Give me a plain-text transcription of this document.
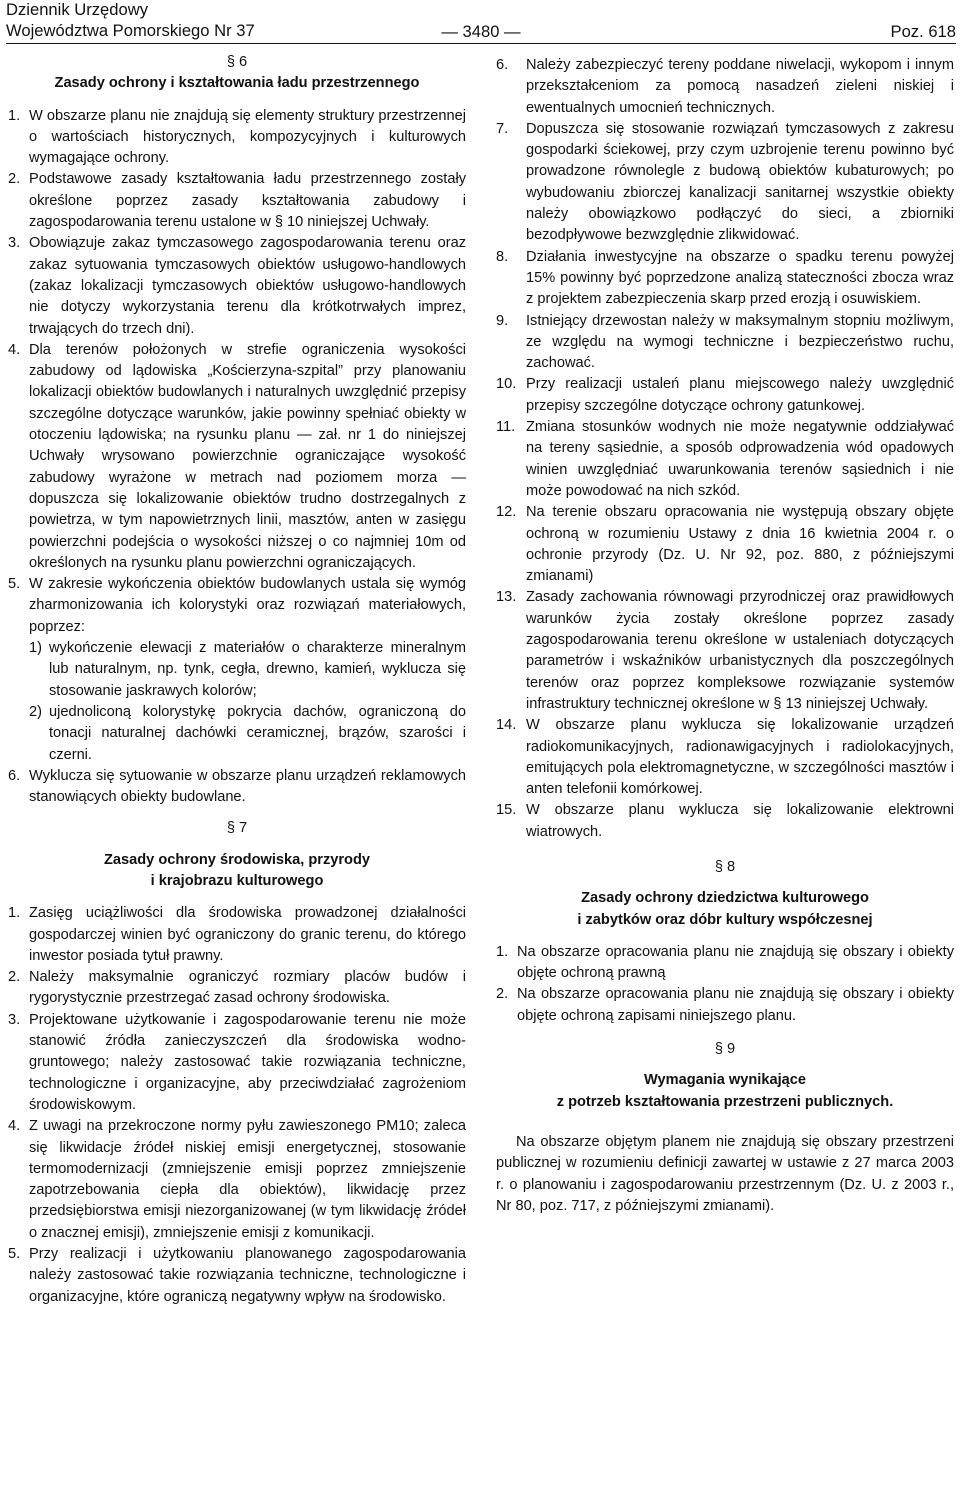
Dziennik Urzędowy
Województwa Pomorskiego Nr 37	— 3480 —	Poz. 618

§ 6

Zasady ochrony i kształtowania ładu przestrzennego

1. W obszarze planu nie znajdują się elementy struktury przestrzennej o wartościach historycznych, kompozycyjnych i kulturowych wymagające ochrony.

2. Podstawowe zasady kształtowania ładu przestrzennego zostały określone poprzez zasady kształtowania zabudowy i zagospodarowania terenu ustalone w § 10 niniejszej Uchwały.

3. Obowiązuje zakaz tymczasowego zagospodarowania terenu oraz zakaz sytuowania tymczasowych obiektów usługowo-handlowych (zakaz lokalizacji tymczasowych obiektów usługowo-handlowych nie dotyczy wykorzystania terenu dla krótkotrwałych imprez, trwających do trzech dni).

4. Dla terenów położonych w strefie ograniczenia wysokości zabudowy od lądowiska „Kościerzyna-szpital” przy planowaniu lokalizacji obiektów budowlanych i naturalnych uwzględnić przepisy szczególne dotyczące warunków, jakie powinny spełniać obiekty w otoczeniu lądowiska; na rysunku planu — zał. nr 1 do niniejszej Uchwały wrysowano powierzchnie ograniczające wysokość zabudowy wyrażone w metrach nad poziomem morza — dopuszcza się lokalizowanie obiektów trudno dostrzegalnych z powietrza, w tym napowietrznych linii, masztów, anten w zasięgu powierzchni podejścia o wysokości niższej o co najmniej 10m od określonych na rysunku planu powierzchni ograniczających.

5. W zakresie wykończenia obiektów budowlanych ustala się wymóg zharmonizowania ich kolorystyki oraz rozwiązań materiałowych, poprzez:

1) wykończenie elewacji z materiałów o charakterze mineralnym lub naturalnym, np. tynk, cegła, drewno, kamień, wyklucza się stosowanie jaskrawych kolorów;

2) ujednoliconą kolorystykę pokrycia dachów, ograniczoną do tonacji naturalnej dachówki ceramicznej, brązów, szarości i czerni.

6. Wyklucza się sytuowanie w obszarze planu urządzeń reklamowych stanowiących obiekty budowlane.

§ 7

Zasady ochrony środowiska, przyrody

i krajobrazu kulturowego

1. Zasięg uciążliwości dla środowiska prowadzonej działalności gospodarczej winien być ograniczony do granic terenu, do którego inwestor posiada tytuł prawny.

2. Należy maksymalnie ograniczyć rozmiary placów budów i rygorystycznie przestrzegać zasad ochrony środowiska.

3. Projektowane użytkowanie i zagospodarowanie terenu nie może stanowić źródła zanieczyszczeń dla środowiska wodno-gruntowego; należy zastosować takie rozwiązania techniczne, technologiczne i organizacyjne, aby przeciwdziałać zagrożeniom środowiskowym.

4. Z uwagi na przekroczone normy pyłu zawieszonego PM10; zaleca się likwidacje źródeł niskiej emisji energetycznej, stosowanie termomodernizacji (zmniejszenie emisji poprzez zmniejszenie zapotrzebowania ciepła dla obiektów), likwidację przez przedsiębiorstwa emisji niezorganizowanej (w tym likwidację źródeł o znacznej emisji), zmniejszenie emisji z komunikacji.

5. Przy realizacji i użytkowaniu planowanego zagospodarowania należy zastosować takie rozwiązania techniczne, technologiczne i organizacyjne, które ograniczą negatywny wpływ na środowisko.

6. Należy zabezpieczyć tereny poddane niwelacji, wykopom i innym przekształceniom za pomocą nasadzeń zieleni niskiej i ewentualnych umocnień technicznych.

7. Dopuszcza się stosowanie rozwiązań tymczasowych z zakresu gospodarki ściekowej, przy czym uzbrojenie terenu powinno być prowadzone równolegle z budową obiektów kubaturowych; po wybudowaniu zbiorczej kanalizacji sanitarnej wszystkie obiekty należy obowiązkowo podłączyć do sieci, a zbiorniki bezodpływowe bezwzględnie zlikwidować.

8. Działania inwestycyjne na obszarze o spadku terenu powyżej 15% powinny być poprzedzone analizą stateczności zbocza wraz z projektem zabezpieczenia skarp przed erozją i osuwiskiem.

9. Istniejący drzewostan należy w maksymalnym stopniu możliwym, ze względu na wymogi techniczne i bezpieczeństwo ruchu, zachować.

10. Przy realizacji ustaleń planu miejscowego należy uwzględnić przepisy szczególne dotyczące ochrony gatunkowej.

11. Zmiana stosunków wodnych nie może negatywnie oddziaływać na tereny sąsiednie, a sposób odprowadzenia wód opadowych winien uwzględniać uwarunkowania terenów sąsiednich i nie może powodować na nich szkód.

12. Na terenie obszaru opracowania nie występują obszary objęte ochroną w rozumieniu Ustawy z dnia 16 kwietnia 2004 r. o ochronie przyrody (Dz. U. Nr 92, poz. 880, z późniejszymi zmianami)

13. Zasady zachowania równowagi przyrodniczej oraz prawidłowych warunków życia zostały określone poprzez zasady zagospodarowania terenu określone w ustaleniach dotyczących parametrów i wskaźników urbanistycznych dla poszczególnych terenów oraz poprzez kompleksowe rozwiązanie systemów infrastruktury technicznej określone w § 13 niniejszej Uchwały.

14. W obszarze planu wyklucza się lokalizowanie urządzeń radiokomunikacyjnych, radionawigacyjnych i radiolokacyjnych, emitujących pola elektromagnetyczne, w szczególności masztów i anten telefonii komórkowej.

15. W obszarze planu wyklucza się lokalizowanie elektrowni wiatrowych.

§ 8

Zasady ochrony dziedzictwa kulturowego

i zabytków oraz dóbr kultury współczesnej

1. Na obszarze opracowania planu nie znajdują się obszary i obiekty objęte ochroną prawną

2. Na obszarze opracowania planu nie znajdują się obszary i obiekty objęte ochroną zapisami niniejszego planu.

§ 9

Wymagania wynikające

z potrzeb kształtowania przestrzeni publicznych.

Na obszarze objętym planem nie znajdują się obszary przestrzeni publicznej w rozumieniu definicji zawartej w ustawie z 27 marca 2003 r. o planowaniu i zagospodarowaniu przestrzennym (Dz. U. z 2003 r., Nr 80, poz. 717, z późniejszymi zmianami).
